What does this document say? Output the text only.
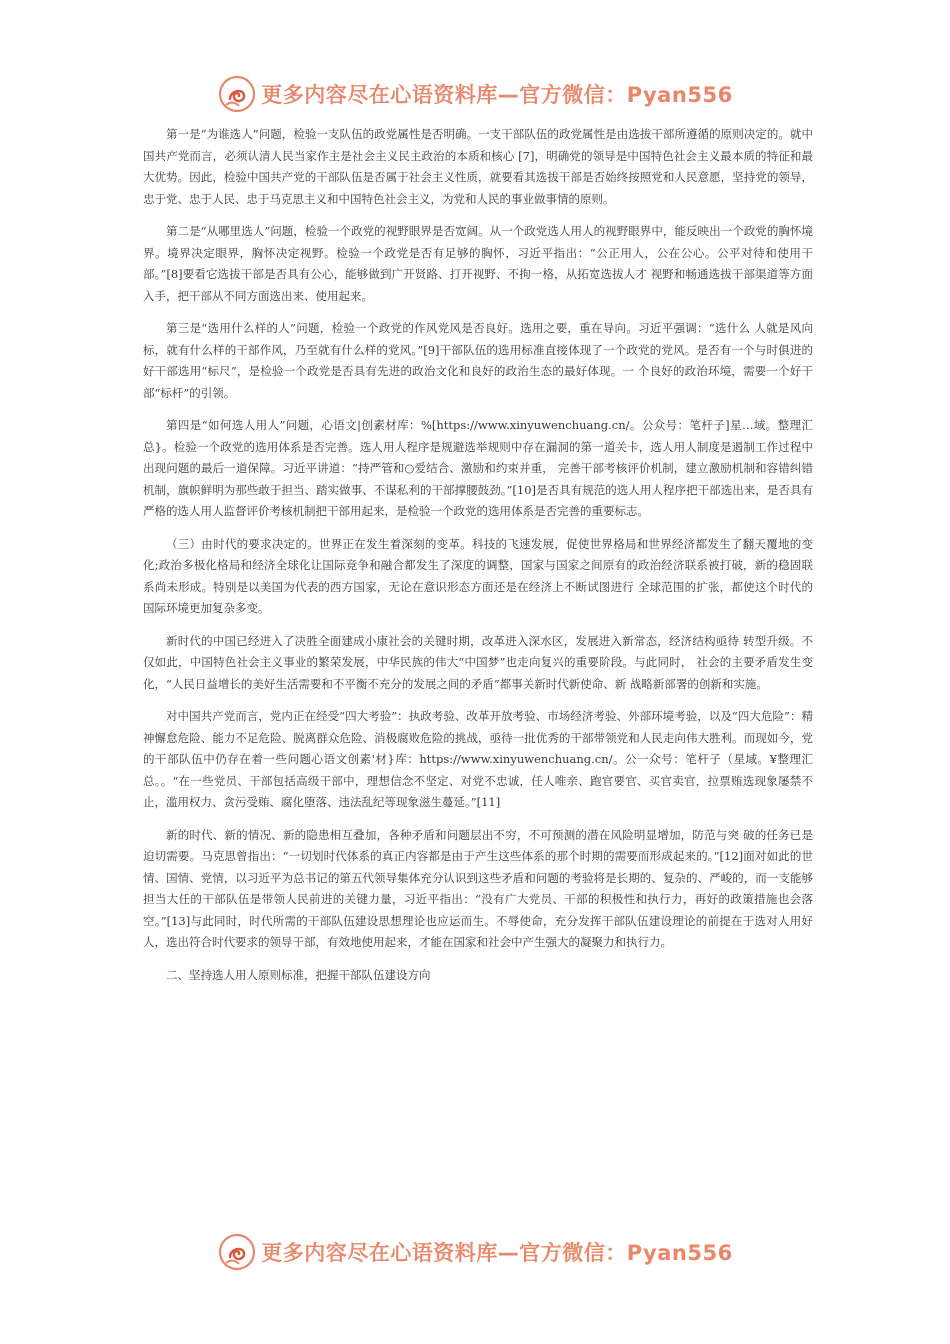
更多内容尽在心语资料库—官方微信：Pyan556

第一是“为谁选人”问题，检验一支队伍的政党属性是否明确。一支干部队伍的政党属性是由选拔干部所遵循的原则决定的。就中国共产党而言，必须认清人民当家作主是社会主义民主政治的本质和核心 [7]，明确党的领导是中国特色社会主义最本质的特征和最大优势。因此，检验中国共产党的干部队伍是否属于社会主义性质，就要看其选拔干部是否始终按照党和人民意愿，坚持党的领导，忠于党、忠于人民、忠于马克思主义和中国特色社会主义，为党和人民的事业做事情的原则。

第二是“从哪里选人”问题，检验一个政党的视野眼界是否宽阔。从一个政党选人用人的视野眼界中，能反映出一个政党的胸怀境界。境界决定眼界，胸怀决定视野。检验一个政党是否有足够的胸怀，习近平指出：“公正用人，公在公心。公平对待和使用干部。”[8]要看它选拔干部是否具有公心，能够做到广开贤路、打开视野、不拘一格，从拓宽选拔人才 视野和畅通选拔干部渠道等方面入手，把干部从不同方面选出来、使用起来。

第三是“选用什么样的人”问题，检验一个政党的作风党风是否良好。选用之要，重在导向。习近平强调：“选什么 人就是风向标，就有什么样的干部作风，乃至就有什么样的党风。”[9]干部队伍的选用标准直接体现了一个政党的党风。是否有一个与时俱进的好干部选用“标尺”，是检验一个政党是否具有先进的政治文化和良好的政治生态的最好体现。一 个良好的政治环境，需要一个好干部“标杆”的引领。

第四是“如何选人用人”问题，心语文|创素材库：%[https://www.xinyuwenchuang.cn/。公众号：笔杆子]星…域。整理汇总}。检验一个政党的选用体系是否完善。选人用人程序是规避选举规则中存在漏洞的第一道关卡，选人用人制度是遏制工作过程中出现问题的最后一道保障。习近平讲道：“持严管和○爱结合、激励和约束并重， 完善干部考核评价机制，建立激励机制和容错纠错机制，旗帜鲜明为那些敢于担当、踏实做事、不谋私利的干部撑腰鼓劲。”[10]是否具有规范的选人用人程序把干部选出来，是否具有严格的选人用人监督评价考核机制把干部用起来，是检验一个政党的选用体系是否完善的重要标志。

（三）由时代的要求决定的。世界正在发生着深刻的变革。科技的飞速发展，促使世界格局和世界经济都发生了翻天覆地的变化;政治多极化格局和经济全球化让国际竞争和融合都发生了深度的调整，国家与国家之间原有的政治经济联系被打破，新的稳固联系尚未形成。特别是以美国为代表的西方国家，无论在意识形态方面还是在经济上不断试图进行 全球范围的扩张，都使这个时代的国际环境更加复杂多变。

新时代的中国已经进入了决胜全面建成小康社会的关键时期，改革进入深水区，发展进入新常态，经济结构亟待 转型升级。不仅如此，中国特色社会主义事业的繁荣发展，中华民族的伟大“中国梦”也走向复兴的重要阶段。与此同时， 社会的主要矛盾发生变化，“人民日益增长的美好生活需要和不平衡不充分的发展之间的矛盾”都事关新时代新使命、新 战略新部署的创新和实施。

对中国共产党而言，党内正在经受“四大考验”：执政考验、改革开放考验、市场经济考验、外部环境考验，以及“四大危险”：精神懈怠危险、能力不足危险、脱离群众危险、消极腐败危险的挑战，亟待一批优秀的干部带领党和人民走向伟大胜利。而现如今，党的干部队伍中仍存在着一些问题心语文创素'材}库：https://www.xinyuwenchuang.cn/。公一众号：笔杆子（星域。¥整理汇总。。“在一些党员、干部包括高级干部中，理想信念不坚定、对党不忠诚，任人唯亲、跑官要官、买官卖官，拉票贿选现象屡禁不止，滥用权力、贪污受贿、腐化堕落、违法乱纪等现象滋生蔓延。”[11]

新的时代、新的情况、新的隐患相互叠加，各种矛盾和问题层出不穷，不可预测的潜在风险明显增加，防范与突 破的任务已是迫切需要。马克思曾指出：“一切划时代体系的真正内容都是由于产生这些体系的那个时期的需要而形成起来的。”[12]面对如此的世情、国情、党情，以习近平为总书记的第五代领导集体充分认识到这些矛盾和问题的考验将是长期的、复杂的、严峻的，而一支能够担当大任的干部队伍是带领人民前进的关键力量，习近平指出：“没有广大党员、干部的积极性和执行力，再好的政策措施也会落空。”[13]与此同时，时代所需的干部队伍建设思想理论也应运而生。不辱使命，充分发挥干部队伍建设理论的前提在于选对人用好人，选出符合时代要求的领导干部，有效地使用起来，才能在国家和社会中产生强大的凝聚力和执行力。

二、坚持选人用人原则标准，把握干部队伍建设方向

更多内容尽在心语资料库—官方微信：Pyan556
